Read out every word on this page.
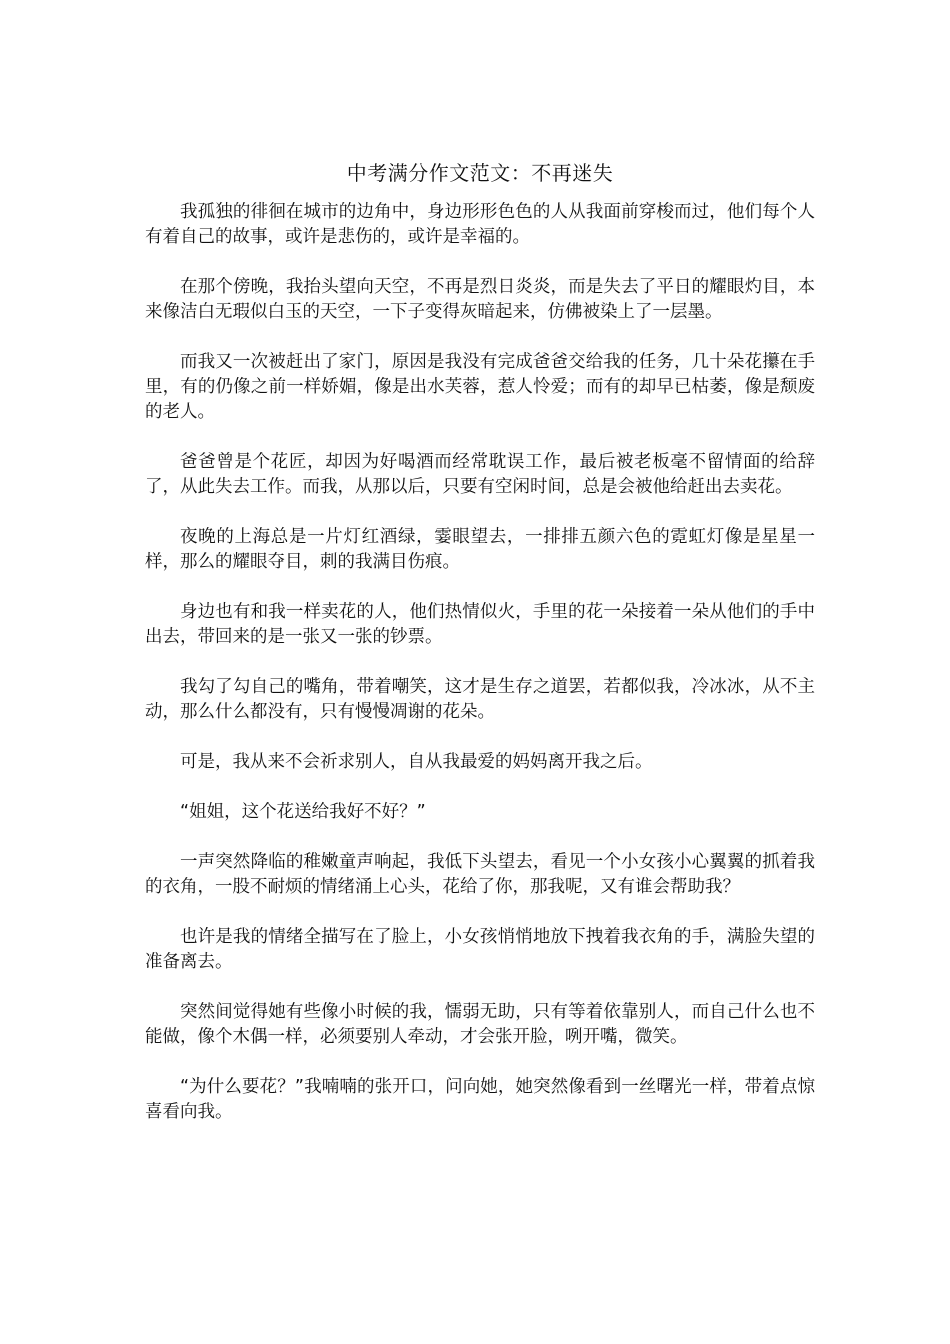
中考满分作文范文：不再迷失

我孤独的徘徊在城市的边角中，身边形形色色的人从我面前穿梭而过，他们每个人有着自己的故事，或许是悲伤的，或许是幸福的。

在那个傍晚，我抬头望向天空，不再是烈日炎炎，而是失去了平日的耀眼灼目，本来像洁白无瑕似白玉的天空，一下子变得灰暗起来，仿佛被染上了一层墨。

而我又一次被赶出了家门，原因是我没有完成爸爸交给我的任务，几十朵花攥在手里，有的仍像之前一样娇媚，像是出水芙蓉，惹人怜爱；而有的却早已枯萎，像是颓废的老人。

爸爸曾是个花匠，却因为好喝酒而经常耽误工作，最后被老板毫不留情面的给辞了，从此失去工作。而我，从那以后，只要有空闲时间，总是会被他给赶出去卖花。

夜晚的上海总是一片灯红酒绿，霎眼望去，一排排五颜六色的霓虹灯像是星星一样，那么的耀眼夺目，刺的我满目伤痕。

身边也有和我一样卖花的人，他们热情似火，手里的花一朵接着一朵从他们的手中出去，带回来的是一张又一张的钞票。

我勾了勾自己的嘴角，带着嘲笑，这才是生存之道罢，若都似我，冷冰冰，从不主动，那么什么都没有，只有慢慢凋谢的花朵。

可是，我从来不会祈求别人，自从我最爱的妈妈离开我之后。

“姐姐，这个花送给我好不好？”

一声突然降临的稚嫩童声响起，我低下头望去，看见一个小女孩小心翼翼的抓着我的衣角，一股不耐烦的情绪涌上心头，花给了你，那我呢，又有谁会帮助我？

也许是我的情绪全描写在了脸上，小女孩悄悄地放下拽着我衣角的手，满脸失望的准备离去。

突然间觉得她有些像小时候的我，懦弱无助，只有等着依靠别人，而自己什么也不能做，像个木偶一样，必须要别人牵动，才会张开脸，咧开嘴，微笑。

“为什么要花？”我喃喃的张开口，问向她，她突然像看到一丝曙光一样，带着点惊喜看向我。
